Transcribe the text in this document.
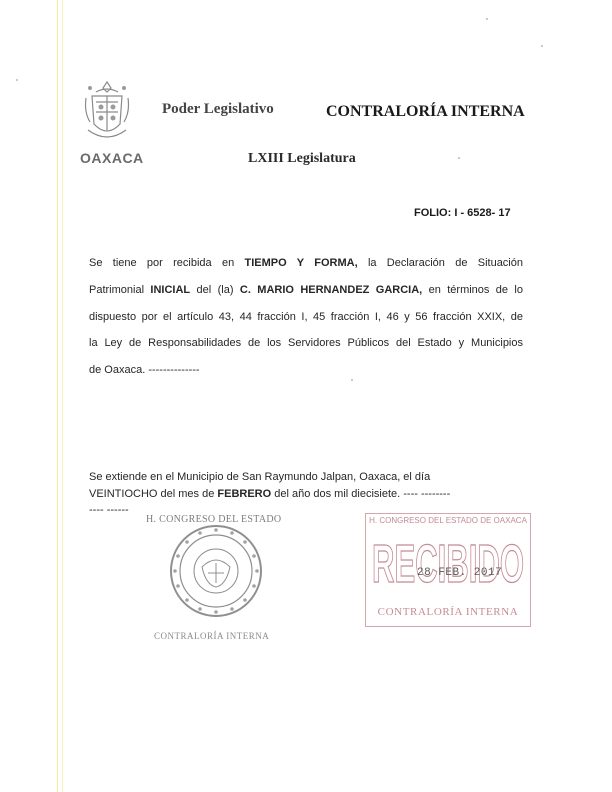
OAXACA
Poder Legislativo	CONTRALORÍA INTERNA
LXIII Legislatura
FOLIO: I - 6528- 17
Se tiene por recibida en TIEMPO Y FORMA, la Declaración de Situación
Patrimonial INICIAL del (la) C. MARIO HERNANDEZ GARCIA, en términos de lo
dispuesto por el artículo 43, 44 fracción I, 45 fracción I, 46 y 56 fracción XXIX, de
la Ley de Responsabilidades de los Servidores Públicos del Estado y Municipios
de Oaxaca. --------------
Se extiende en el Municipio de San Raymundo Jalpan, Oaxaca, el día
VEINTIOCHO del mes de FEBRERO del año dos mil diecisiete. ---- --------
---- ------
H. CONGRESO DEL ESTADO
CONTRALORÍA INTERNA
H. CONGRESO DEL ESTADO DE OAXACA
RECIBIDO
CONTRALORÍA INTERNA
28 FEB. 2017
